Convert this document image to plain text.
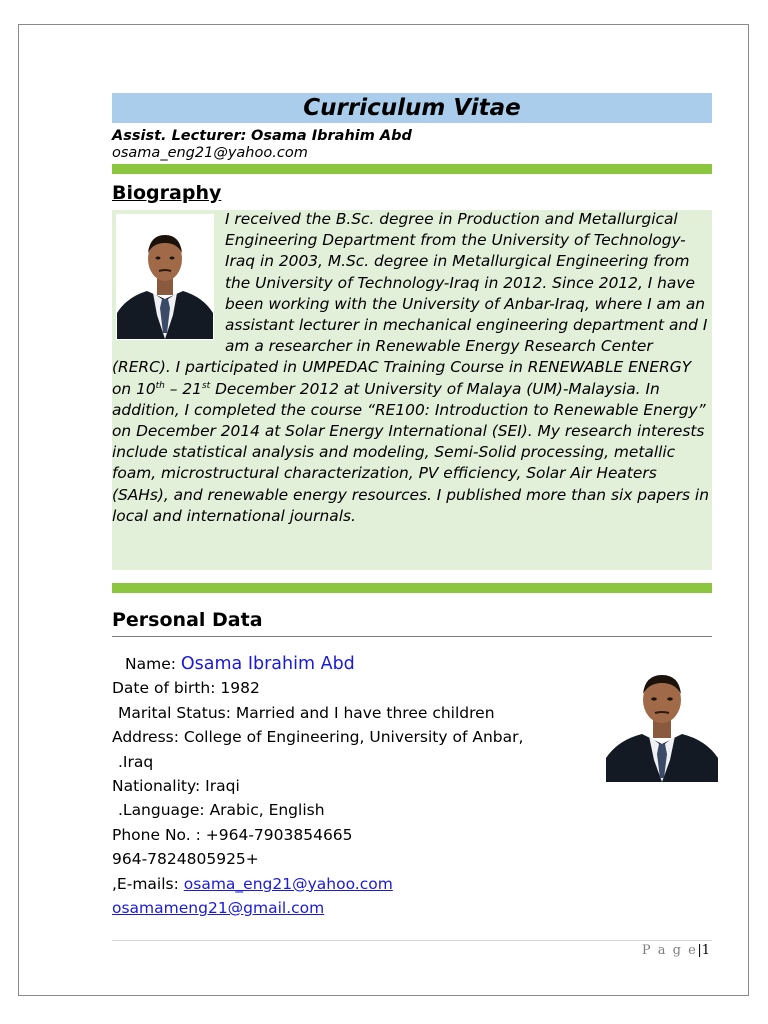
Curriculum Vitae
Assist. Lecturer: Osama Ibrahim Abd
osama_eng21@yahoo.com
Biography
I received the B.Sc. degree in Production and Metallurgical Engineering Department from the University of Technology-Iraq in 2003, M.Sc. degree in Metallurgical Engineering from the University of Technology-Iraq in 2012. Since 2012, I have been working with the University of Anbar-Iraq, where I am an assistant lecturer in mechanical engineering department and I am a researcher in Renewable Energy Research Center (RERC). I participated in UMPEDAC Training Course in RENEWABLE ENERGY on 10th – 21st December 2012 at University of Malaya (UM)-Malaysia. In addition, I completed the course “RE100: Introduction to Renewable Energy” on December 2014 at Solar Energy International (SEI). My research interests include statistical analysis and modeling, Semi-Solid processing, metallic foam, microstructural characterization, PV efficiency, Solar Air Heaters (SAHs), and renewable energy resources. I published more than six papers in local and international journals.
Personal Data
Name: Osama Ibrahim Abd
Date of birth: 1982
Marital Status: Married and I have three children
Address: College of Engineering, University of Anbar,
.Iraq
Nationality: Iraqi
.Language: Arabic, English
Phone No. : +964-7903854665
964-7824805925+
,E-mails: osama_eng21@yahoo.com
osamameng21@gmail.com
P a g e|1
